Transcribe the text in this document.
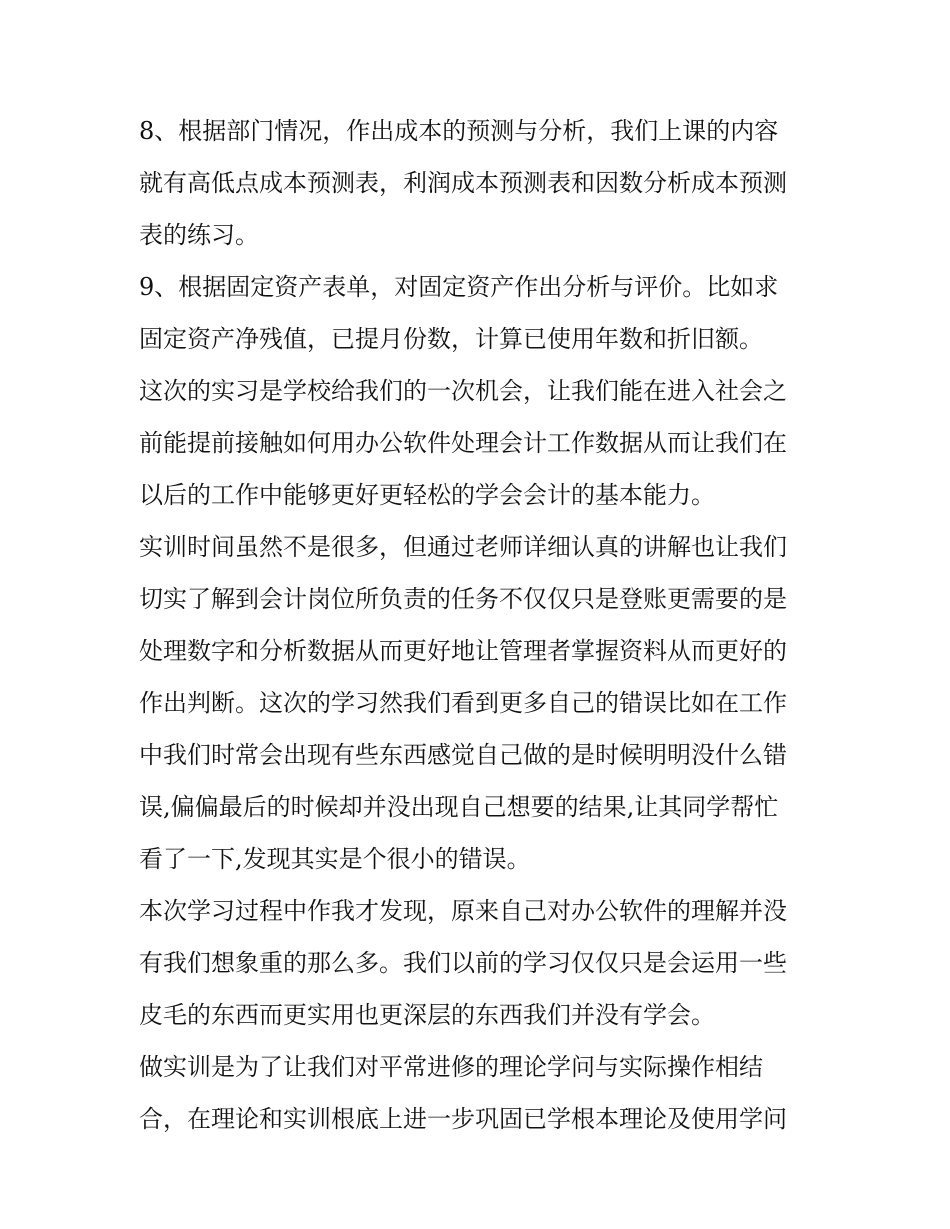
8、根据部门情况，作出成本的预测与分析，我们上课的内容
就有高低点成本预测表，利润成本预测表和因数分析成本预测
表的练习。
9、根据固定资产表单，对固定资产作出分析与评价。比如求
固定资产净残值，已提月份数，计算已使用年数和折旧额。
这次的实习是学校给我们的一次机会，让我们能在进入社会之
前能提前接触如何用办公软件处理会计工作数据从而让我们在
以后的工作中能够更好更轻松的学会会计的基本能力。
实训时间虽然不是很多，但通过老师详细认真的讲解也让我们
切实了解到会计岗位所负责的任务不仅仅只是登账更需要的是
处理数字和分析数据从而更好地让管理者掌握资料从而更好的
作出判断。这次的学习然我们看到更多自己的错误比如在工作
中我们时常会出现有些东西感觉自己做的是时候明明没什么错
误,偏偏最后的时候却并没出现自己想要的结果,让其同学帮忙
看了一下,发现其实是个很小的错误。
本次学习过程中作我才发现，原来自己对办公软件的理解并没
有我们想象重的那么多。我们以前的学习仅仅只是会运用一些
皮毛的东西而更实用也更深层的东西我们并没有学会。
做实训是为了让我们对平常进修的理论学问与实际操作相结
合，在理论和实训根底上进一步巩固已学根本理论及使用学问
